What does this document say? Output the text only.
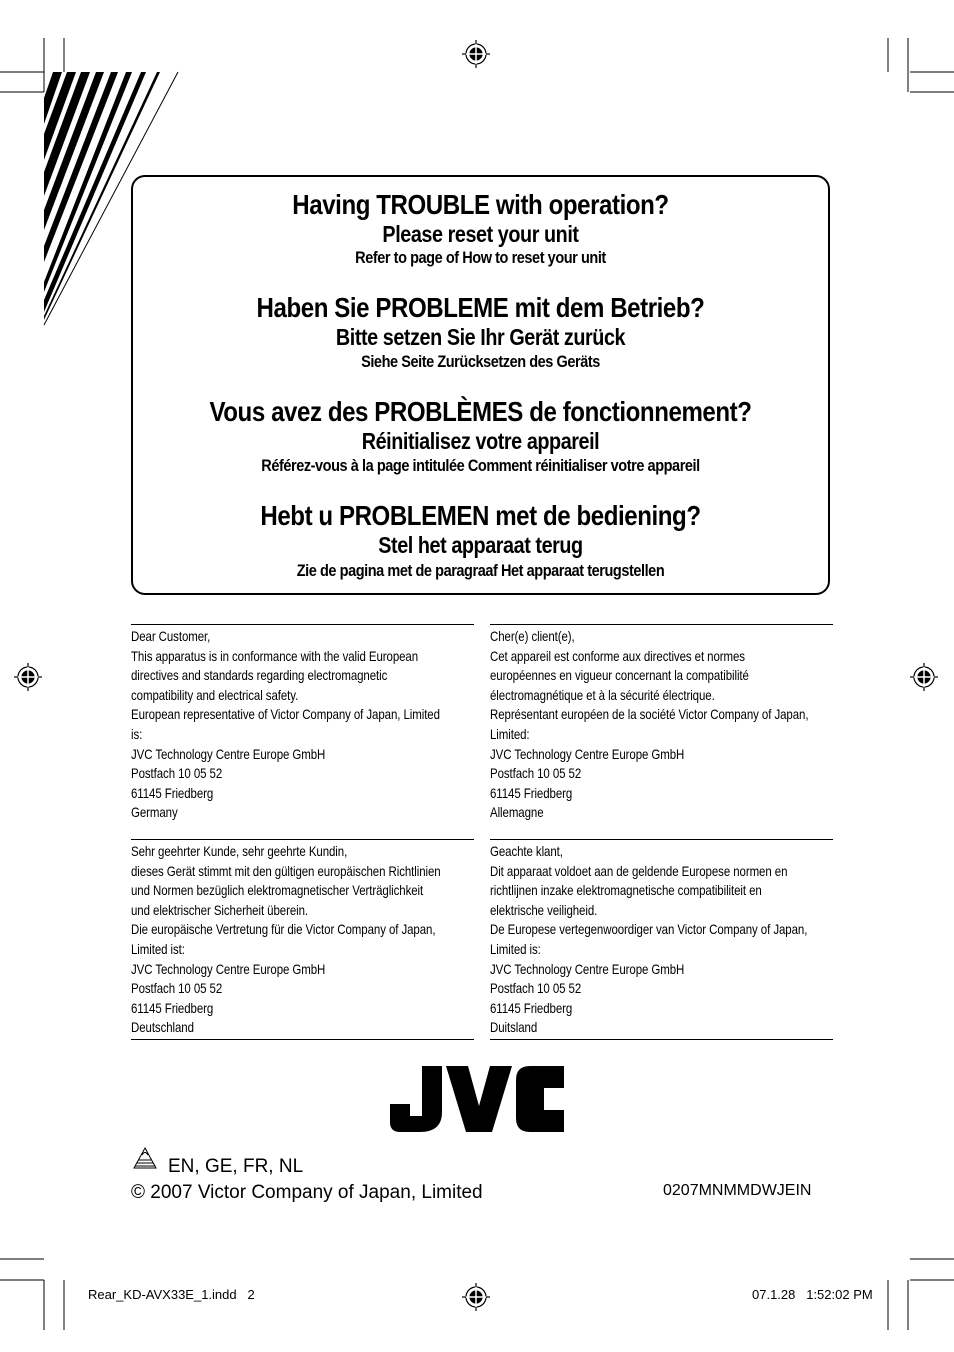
Having TROUBLE with operation?
Please reset your unit
Refer to page of How to reset your unit
Haben Sie PROBLEME mit dem Betrieb?
Bitte setzen Sie Ihr Gerät zurück
Siehe Seite Zurücksetzen des Geräts
Vous avez des PROBLÈMES de fonctionnement?
Réinitialisez votre appareil
Référez-vous à la page intitulée Comment réinitialiser votre appareil
Hebt u PROBLEMEN met de bediening?
Stel het apparaat terug
Zie de pagina met de paragraaf Het apparaat terugstellen

Dear Customer,

This apparatus is in conformance with the valid European

directives and standards regarding electromagnetic

compatibility and electrical safety.

European representative of Victor Company of Japan, Limited

is:

JVC Technology Centre Europe GmbH

Postfach 10 05 52

61145 Friedberg

Germany

Cher(e) client(e),

Cet appareil est conforme aux directives et normes

européennes en vigueur concernant la compatibilité

électromagnétique et à la sécurité électrique.

Représentant européen de la société Victor Company of Japan,

Limited:

JVC Technology Centre Europe GmbH

Postfach 10 05 52

61145 Friedberg

Allemagne

Sehr geehrter Kunde, sehr geehrte Kundin,

dieses Gerät stimmt mit den gültigen europäischen Richtlinien

und Normen bezüglich elektromagnetischer Verträglichkeit

und elektrischer Sicherheit überein.

Die europäische Vertretung für die Victor Company of Japan,

Limited ist:

JVC Technology Centre Europe GmbH

Postfach 10 05 52

61145 Friedberg

Deutschland

Geachte klant,

Dit apparaat voldoet aan de geldende Europese normen en

richtlijnen inzake elektromagnetische compatibiliteit en

elektrische veiligheid.

De Europese vertegenwoordiger van Victor Company of Japan,

Limited is:

JVC Technology Centre Europe GmbH

Postfach 10 05 52

61145 Friedberg

Duitsland

EN, GE, FR, NL
© 2007 Victor Company of Japan, Limited	0207MNMMDWJEIN
Rear_KD-AVX33E_1.indd   2	07.1.28   1:52:02 PM
